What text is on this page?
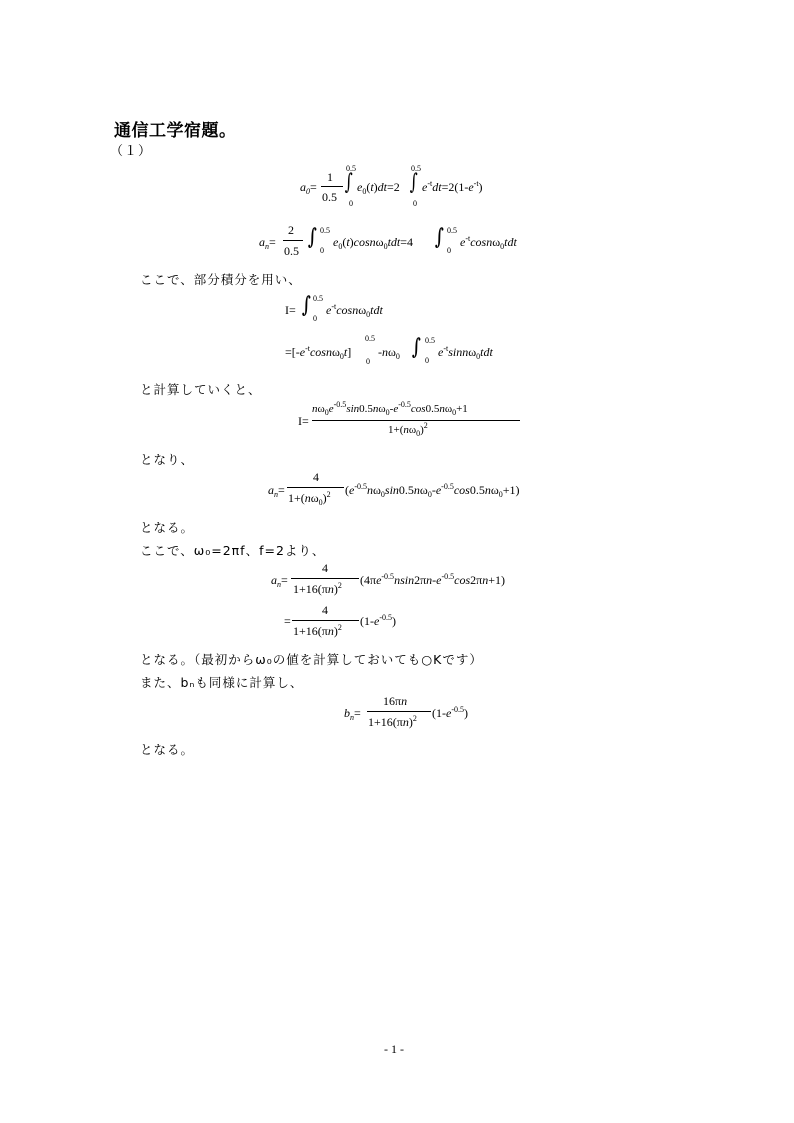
通信工学宿題。
（１）
$a_0=$
1
0.5
0.5
∫
0
$e_0(t)dt=2$
0.5
∫
0
$e^{-t}dt=2(1-e^{-t})$
$a_n=$
2
0.5
∫ 0.5
0
$e_0(t)\cos n\omega_0tdt=4$ ∫ 0.5
0
$e^{-t}\cos n\omega_0tdt$
ここで、部分積分を用い、
I= ∫ 0.5
0
$e^{-t}\cos n\omega_0tdt$
$=[-e^{-t}\cos n\omega_0t]$
0.5
0
$-n\omega_0$ ∫ 0.5
0
$e^{-t}\sin n\omega_0tdt$
と計算していくと、
I=
$n\omega_0e^{-0.5}\sin 0.5n\omega_0-e^{-0.5}\cos 0.5n\omega_0+1$
$1+(n\omega_0)^2$
となり、
$a_n=$
4
$1+(n\omega_0)^2$ $(e^{-0.5}n\omega_0\sin 0.5n\omega_0-e^{-0.5}\cos 0.5n\omega_0+1)$
となる。
ここで、ω₀=2πf、f=2より、
$a_n=$
4
$1+16(\pi n)^2$ $(4\pi e^{-0.5}nsin2\pi n-e^{-0.5}\cos 2\pi n+1)$
=
4
$1+16(\pi n)^2$ $(1-e^{-0.5})$
となる。（最初からω₀の値を計算しておいても○Kです）
また、bₙも同様に計算し、
$b_n=$
16πn
$1+16(\pi n)^2$ $(1-e^{-0.5})$
となる。
- 1 -
